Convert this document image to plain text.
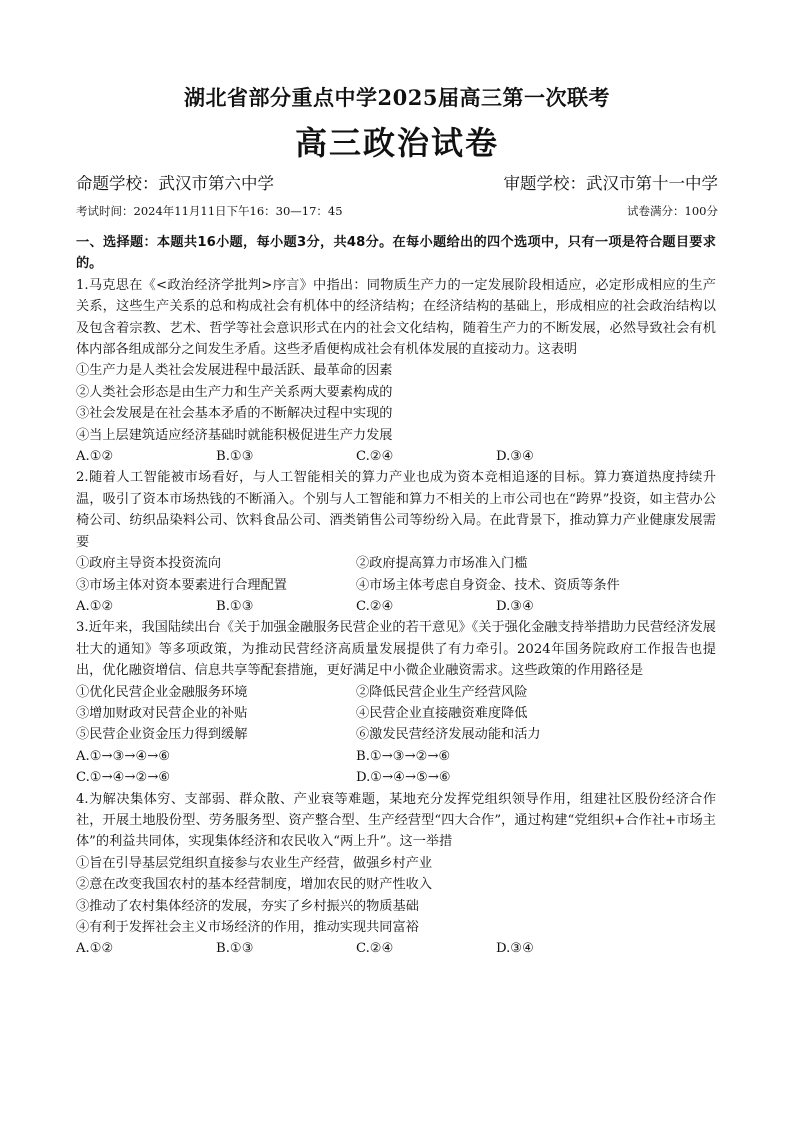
湖北省部分重点中学2025届高三第一次联考
高三政治试卷
命题学校：武汉市第六中学	审题学校：武汉市第十一中学
考试时间：2024年11月11日下午16：30—17：45	试卷满分：100分

一、选择题：本题共16小题，每小题3分，共48分。在每小题给出的四个选项中，只有一项是符合题目要求的。

1.马克思在《<政治经济学批判>序言》中指出：同物质生产力的一定发展阶段相适应，必定形成相应的生产关系，这些生产关系的总和构成社会有机体中的经济结构；在经济结构的基础上，形成相应的社会政治结构以及包含着宗教、艺术、哲学等社会意识形式在内的社会文化结构，随着生产力的不断发展，必然导致社会有机体内部各组成部分之间发生矛盾。这些矛盾便构成社会有机体发展的直接动力。这表明

①生产力是人类社会发展进程中最活跃、最革命的因素

②人类社会形态是由生产力和生产关系两大要素构成的

③社会发展是在社会基本矛盾的不断解决过程中实现的

④当上层建筑适应经济基础时就能积极促进生产力发展

A.①②	B.①③	C.②④	D.③④

2.随着人工智能被市场看好，与人工智能相关的算力产业也成为资本竞相追逐的目标。算力赛道热度持续升温，吸引了资本市场热钱的不断涌入。个别与人工智能和算力不相关的上市公司也在“跨界”投资，如主营办公椅公司、纺织品染料公司、饮料食品公司、酒类销售公司等纷纷入局。在此背景下，推动算力产业健康发展需要

①政府主导资本投资流向	②政府提高算力市场准入门槛
③市场主体对资本要素进行合理配置	④市场主体考虑自身资金、技术、资质等条件
A.①②	B.①③	C.②④	D.③④

3.近年来，我国陆续出台《关于加强金融服务民营企业的若干意见》《关于强化金融支持举措助力民营经济发展壮大的通知》等多项政策，为推动民营经济高质量发展提供了有力牵引。2024年国务院政府工作报告也提出，优化融资增信、信息共享等配套措施，更好满足中小微企业融资需求。这些政策的作用路径是

①优化民营企业金融服务环境	②降低民营企业生产经营风险
③增加财政对民营企业的补贴	④民营企业直接融资难度降低
⑤民营企业资金压力得到缓解	⑥激发民营经济发展动能和活力
A.①→③→④→⑥	B.①→③→②→⑥
C.①→④→②→⑥	D.①→④→⑤→⑥

4.为解决集体穷、支部弱、群众散、产业衰等难题，某地充分发挥党组织领导作用，组建社区股份经济合作社，开展土地股份型、劳务服务型、资产整合型、生产经营型“四大合作”，通过构建“党组织+合作社+市场主体”的利益共同体，实现集体经济和农民收入“两上升”。这一举措

①旨在引导基层党组织直接参与农业生产经营，做强乡村产业

②意在改变我国农村的基本经营制度，增加农民的财产性收入

③推动了农村集体经济的发展，夯实了乡村振兴的物质基础

④有利于发挥社会主义市场经济的作用，推动实现共同富裕

A.①②	B.①③	C.②④	D.③④
